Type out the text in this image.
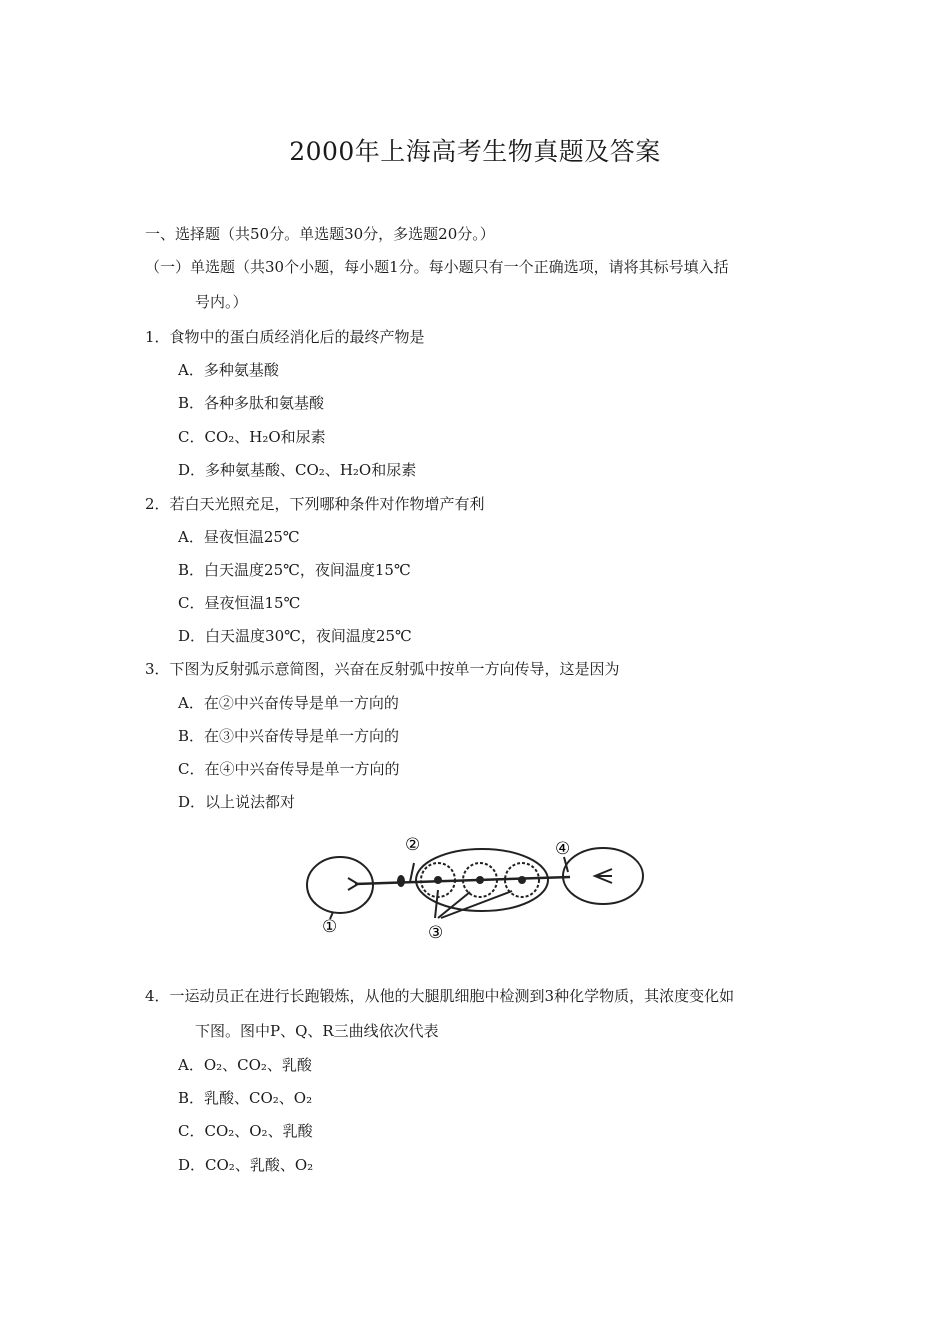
2000年上海高考生物真题及答案
一、选择题（共50分。单选题30分，多选题20分。）
（一）单选题（共30个小题，每小题1分。每小题只有一个正确选项，请将其标号填入括
号内。）
1．食物中的蛋白质经消化后的最终产物是
A．多种氨基酸
B．各种多肽和氨基酸
C．CO₂、H₂O和尿素
D．多种氨基酸、CO₂、H₂O和尿素
2．若白天光照充足，下列哪种条件对作物增产有利
A．昼夜恒温25℃
B．白天温度25℃，夜间温度15℃
C．昼夜恒温15℃
D．白天温度30℃，夜间温度25℃
3．下图为反射弧示意简图，兴奋在反射弧中按单一方向传导，这是因为
A．在②中兴奋传导是单一方向的
B．在③中兴奋传导是单一方向的
C．在④中兴奋传导是单一方向的
D．以上说法都对
①
②
③
④
4．一运动员正在进行长跑锻炼，从他的大腿肌细胞中检测到3种化学物质，其浓度变化如
下图。图中P、Q、R三曲线依次代表
A．O₂、CO₂、乳酸
B．乳酸、CO₂、O₂
C．CO₂、O₂、乳酸
D．CO₂、乳酸、O₂
